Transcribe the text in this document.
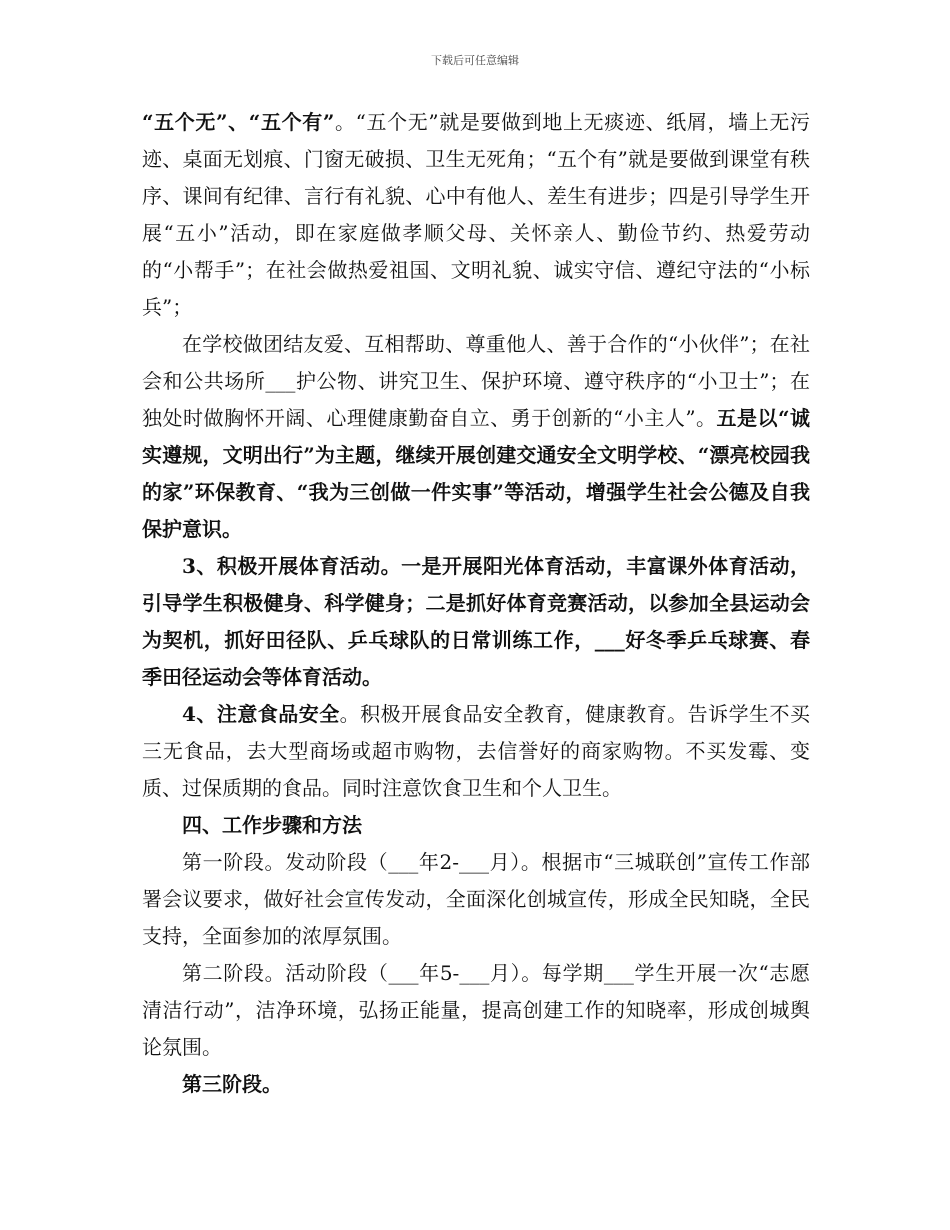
下载后可任意编辑

“五个无”、“五个有”。“五个无”就是要做到地上无痰迹、纸屑，墙上无污迹、桌面无划痕、门窗无破损、卫生无死角；“五个有”就是要做到课堂有秩序、课间有纪律、言行有礼貌、心中有他人、差生有进步；四是引导学生开展“五小”活动，即在家庭做孝顺父母、关怀亲人、勤俭节约、热爱劳动的“小帮手”；在社会做热爱祖国、文明礼貌、诚实守信、遵纪守法的“小标兵”；

在学校做团结友爱、互相帮助、尊重他人、善于合作的“小伙伴”；在社会和公共场所___护公物、讲究卫生、保护环境、遵守秩序的“小卫士”；在独处时做胸怀开阔、心理健康勤奋自立、勇于创新的“小主人”。五是以“诚实遵规，文明出行”为主题，继续开展创建交通安全文明学校、“漂亮校园我的家”环保教育、“我为三创做一件实事”等活动，增强学生社会公德及自我保护意识。

3、积极开展体育活动。一是开展阳光体育活动，丰富课外体育活动，引导学生积极健身、科学健身；二是抓好体育竞赛活动，以参加全县运动会为契机，抓好田径队、乒乓球队的日常训练工作，___好冬季乒乓球赛、春季田径运动会等体育活动。

4、注意食品安全。积极开展食品安全教育，健康教育。告诉学生不买三无食品，去大型商场或超市购物，去信誉好的商家购物。不买发霉、变质、过保质期的食品。同时注意饮食卫生和个人卫生。

四、工作步骤和方法

第一阶段。发动阶段（___年2-___月）。根据市“三城联创”宣传工作部署会议要求，做好社会宣传发动，全面深化创城宣传，形成全民知晓，全民支持，全面参加的浓厚氛围。

第二阶段。活动阶段（___年5-___月）。每学期___学生开展一次“志愿清洁行动”，洁净环境，弘扬正能量，提高创建工作的知晓率，形成创城舆论氛围。

第三阶段。
